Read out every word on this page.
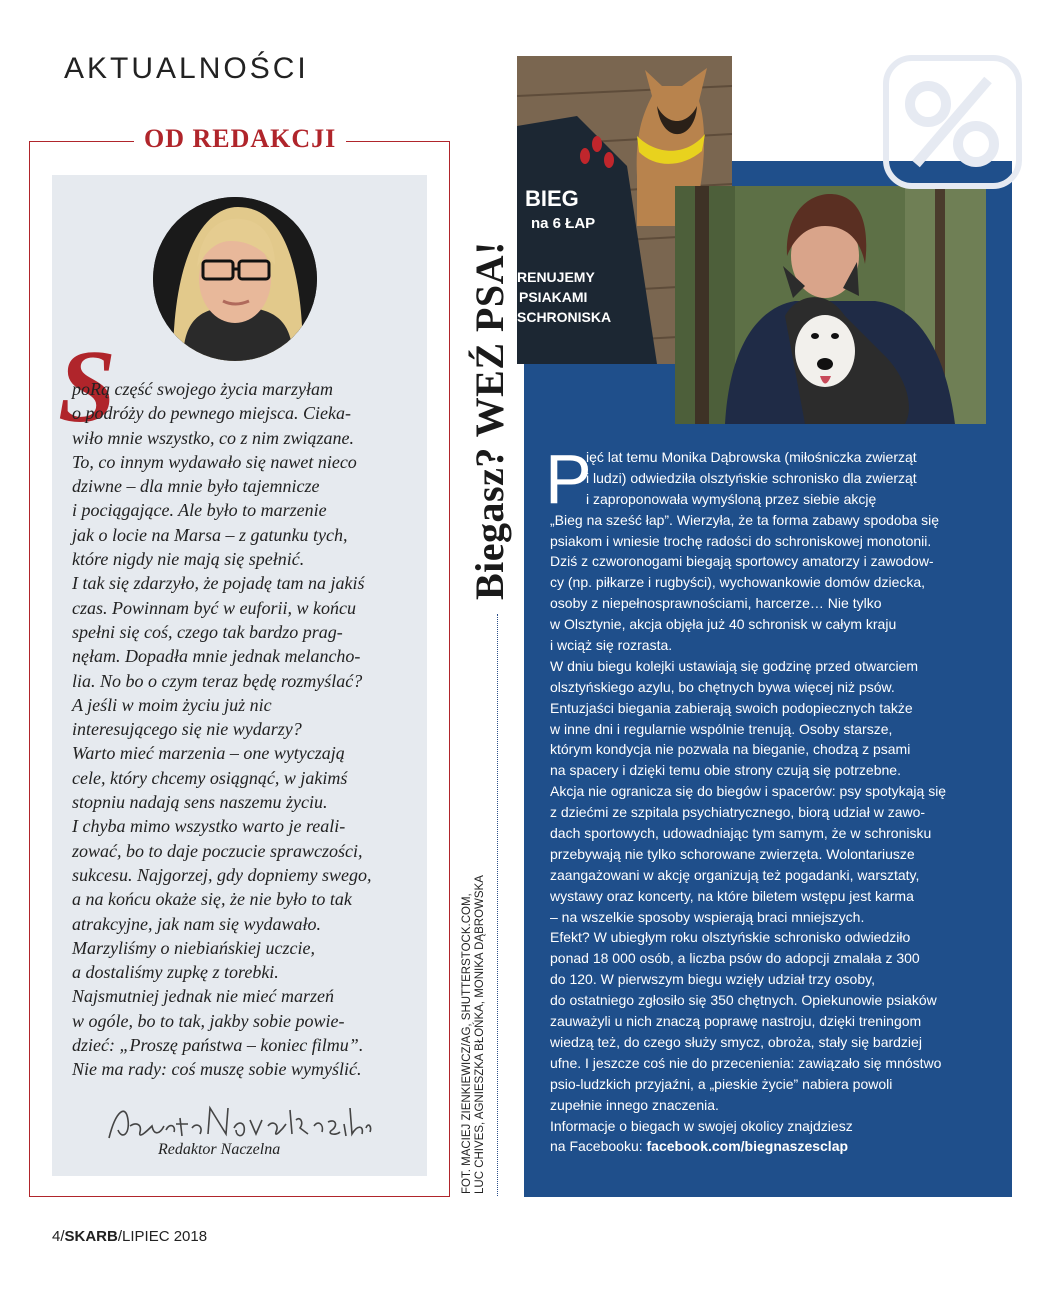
AKTUALNOŚCI
OD REDAKCJI
S
poRą część swojego życia marzyłam
o podróży do pewnego miejsca. Cieka-
wiło mnie wszystko, co z nim związane.
To, co innym wydawało się nawet nieco
dziwne – dla mnie było tajemnicze
i pociągające. Ale było to marzenie
jak o locie na Marsa – z gatunku tych,
które nigdy nie mają się spełnić.
I tak się zdarzyło, że pojadę tam na jakiś
czas. Powinnam być w euforii, w końcu
spełni się coś, czego tak bardzo prag-
nęłam. Dopadła mnie jednak melancho-
lia. No bo o czym teraz będę rozmyślać?
A jeśli w moim życiu już nic
interesującego się nie wydarzy?
Warto mieć marzenia – one wytyczają
cele, który chcemy osiągnąć, w jakimś
stopniu nadają sens naszemu życiu.
I chyba mimo wszystko warto je reali-
zować, bo to daje poczucie sprawczości,
sukcesu. Najgorzej, gdy dopniemy swego,
a na końcu okaże się, że nie było to tak
atrakcyjne, jak nam się wydawało.
Marzyliśmy o niebiańskiej uczcie,
a dostaliśmy zupkę z torebki.
Najsmutniej jednak nie mieć marzeń
w ogóle, bo to tak, jakby sobie powie-
dzieć: „Proszę państwa – koniec filmu”.
Nie ma rady: coś muszę sobie wymyślić.
Redaktor Naczelna
Biegasz? WEŹ PSA!
FOT. MACIEJ ZIENKIEWICZ/AG, SHUTTERSTOCK.COM, LUC CHIVES, AGNIESZKA BŁOŃKA, MONIKA DĄBROWSKA
BIEG
na 6 ŁAP
RENUJEMY
PSIAKAMI
SCHRONISKA
P
ięć lat temu Monika Dąbrowska (miłośniczka zwierząt
i ludzi) odwiedziła olsztyńskie schronisko dla zwierząt
i zaproponowała wymyśloną przez siebie akcję
„Bieg na sześć łap”. Wierzyła, że ta forma zabawy spodoba się
psiakom i wniesie trochę radości do schroniskowej monotonii.
Dziś z czworonogami biegają sportowcy amatorzy i zawodow-
cy (np. piłkarze i rugbyści), wychowankowie domów dziecka,
osoby z niepełnosprawnościami, harcerze… Nie tylko
w Olsztynie, akcja objęła już 40 schronisk w całym kraju
i wciąż się rozrasta.
W dniu biegu kolejki ustawiają się godzinę przed otwarciem
olsztyńskiego azylu, bo chętnych bywa więcej niż psów.
Entuzjaści biegania zabierają swoich podopiecznych także
w inne dni i regularnie wspólnie trenują. Osoby starsze,
którym kondycja nie pozwala na bieganie, chodzą z psami
na spacery i dzięki temu obie strony czują się potrzebne.
Akcja nie ogranicza się do biegów i spacerów: psy spotykają się
z dziećmi ze szpitala psychiatrycznego, biorą udział w zawo-
dach sportowych, udowadniając tym samym, że w schronisku
przebywają nie tylko schorowane zwierzęta. Wolontariusze
zaangażowani w akcję organizują też pogadanki, warsztaty,
wystawy oraz koncerty, na które biletem wstępu jest karma
– na wszelkie sposoby wspierają braci mniejszych.
Efekt? W ubiegłym roku olsztyńskie schronisko odwiedziło
ponad 18 000 osób, a liczba psów do adopcji zmalała z 300
do 120. W pierwszym biegu wzięły udział trzy osoby,
do ostatniego zgłosiło się 350 chętnych. Opiekunowie psiaków
zauważyli u nich znaczą poprawę nastroju, dzięki treningom
wiedzą też, do czego służy smycz, obroża, stały się bardziej
ufne. I jeszcze coś nie do przecenienia: zawiązało się mnóstwo
psio-ludzkich przyjaźni, a „pieskie życie” nabiera powoli
zupełnie innego znaczenia.
Informacje o biegach w swojej okolicy znajdziesz
na Facebooku: facebook.com/biegnaszesclap
4/SKARB/LIPIEC 2018
